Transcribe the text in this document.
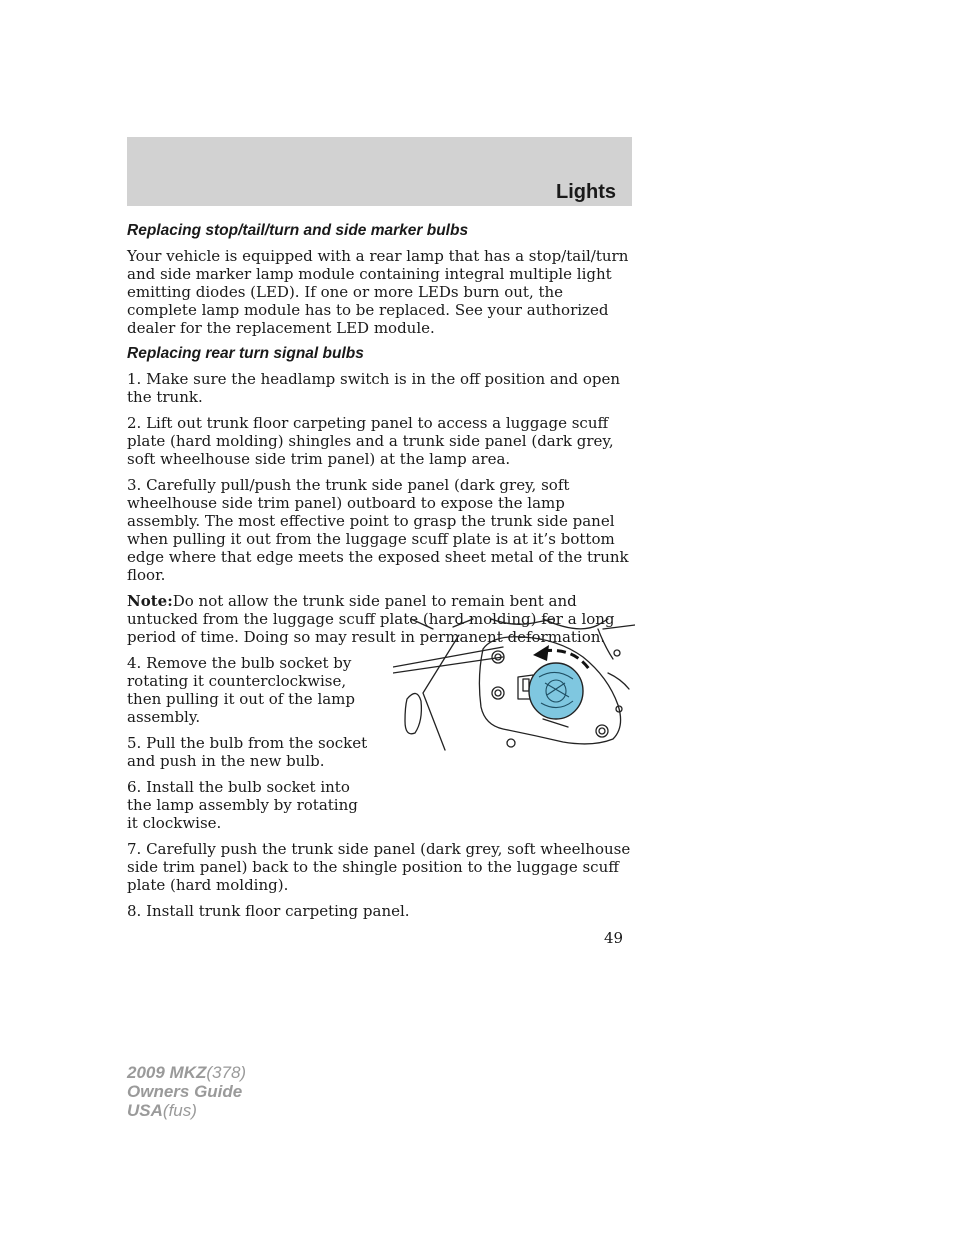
Lights
Replacing stop/tail/turn and side marker bulbs

Your vehicle is equipped with a rear lamp that has a stop/tail/turn and side marker lamp module containing integral multiple light emitting diodes (LED). If one or more LEDs burn out, the complete lamp module has to be replaced. See your authorized dealer for the replacement LED module.

Replacing rear turn signal bulbs

1. Make sure the headlamp switch is in the off position and open the trunk.

2. Lift out trunk floor carpeting panel to access a luggage scuff plate (hard molding) shingles and a trunk side panel (dark grey, soft wheelhouse side trim panel) at the lamp area.

3. Carefully pull/push the trunk side panel (dark grey, soft wheelhouse side trim panel) outboard to expose the lamp assembly. The most effective point to grasp the trunk side panel when pulling it out from the luggage scuff plate is at it’s bottom edge where that edge meets the exposed sheet metal of the trunk floor.

Note:Do not allow the trunk side panel to remain bent and untucked from the luggage scuff plate (hard molding) for a long period of time. Doing so may result in permanent deformation.

4. Remove the bulb socket by rotating it counterclockwise, then pulling it out of the lamp assembly.

5. Pull the bulb from the socket and push in the new bulb.

6. Install the bulb socket into the lamp assembly by rotating it clockwise.

7. Carefully push the trunk side panel (dark grey, soft wheelhouse side trim panel) back to the shingle position to the luggage scuff plate (hard molding).

8. Install trunk floor carpeting panel.

49
2009 MKZ(378)
Owners Guide
USA(fus)
